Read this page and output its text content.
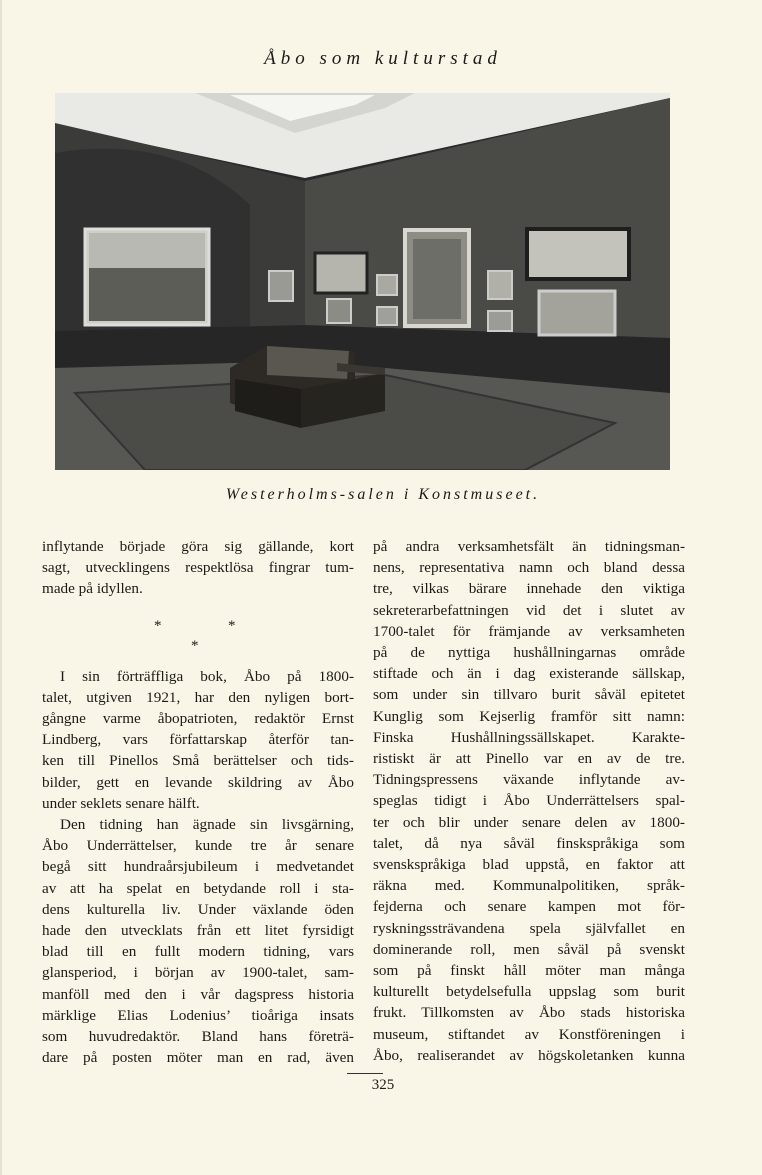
Åbo som kulturstad
Westerholms-salen i Konstmuseet.

inflytande började göra sig gällande, kort
sagt, utvecklingens respektlösa fingrar tum-
made på idyllen.

*	*
*

I sin förträffliga bok, Åbo på 1800-
talet, utgiven 1921, har den nyligen bort-
gångne varme åbopatrioten, redaktör Ernst
Lindberg, vars författarskap återför tan-
ken till Pinellos Små berättelser och tids-
bilder, gett en levande skildring av Åbo
under seklets senare hälft.

Den tidning han ägnade sin livsgärning,
Åbo Underrättelser, kunde tre år senare
begå sitt hundraårsjubileum i medvetandet
av att ha spelat en betydande roll i sta-
dens kulturella liv. Under växlande öden
hade den utvecklats från ett litet fyrsidigt
blad till en fullt modern tidning, vars
glansperiod, i början av 1900-talet, sam-
manföll med den i vår dagspress historia
märklige Elias Lodenius’ tioåriga insats
som huvudredaktör. Bland hans företrä-
dare på posten möter man en rad, även

på andra verksamhetsfält än tidningsman-
nens, representativa namn och bland dessa
tre, vilkas bärare innehade den viktiga
sekreterarbefattningen vid det i slutet av
1700-talet för främjande av verksamheten
på de nyttiga hushållningarnas område
stiftade och än i dag existerande sällskap,
som under sin tillvaro burit såväl epitetet
Kunglig som Kejserlig framför sitt namn:
Finska Hushållningssällskapet. Karakte-
ristiskt är att Pinello var en av de tre.
Tidningspressens växande inflytande av-
speglas tidigt i Åbo Underrättelsers spal-
ter och blir under senare delen av 1800-
talet, då nya såväl finskspråkiga som
svenskspråkiga blad uppstå, en faktor att
räkna med. Kommunalpolitiken, språk-
fejderna och senare kampen mot för-
ryskningssträvandena spela självfallet en
dominerande roll, men såväl på svenskt
som på finskt håll möter man många
kulturellt betydelsefulla uppslag som burit
frukt. Tillkomsten av Åbo stads historiska
museum, stiftandet av Konstföreningen i
Åbo, realiserandet av högskoletanken kunna

325
